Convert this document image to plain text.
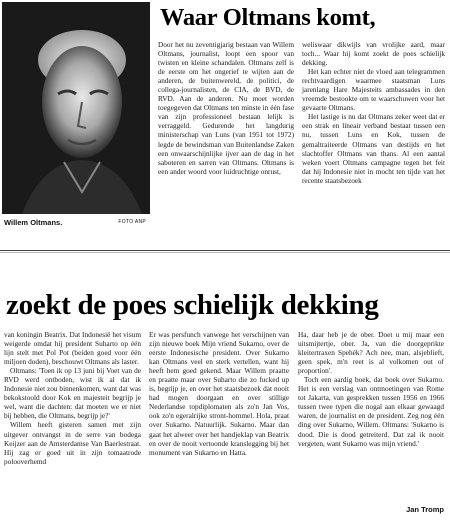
Willem Oltmans.	FOTO ANP
Waar Oltmans komt,

Door het nu zeventigjarig bestaan van Willem Oltmans, journalist, loopt een spoor van twisten en kleine schandalen. Oltmans zelf is de eerste om het ongerief te wijten aan de anderen, de buitenwereld, de politici, de collega-journalisten, de CIA, de BVD, de RVD. Aan de anderen. Nu moet worden toegegeven dat Oltmans ten minste in één fase van zijn professioneel bestaan lelijk is verraggeld. Gedurende het langdurig ministerschap van Luns (van 1951 tot 1972) legde de bewindsman van Buitenlandse Zaken een onwaarschijnlijke ijver aan de dag in het saboteren en sarren van Oltmans. Oltmans is een ander woord voor luidruchtige onrust,

weliswaar dikwijls van vrolijke aard, maar toch... Waar hij komt zoekt de poes schielijk dekking.

Het kan echter niet de vloed aan telegrammen rechtvaardigen waarmee staatsman Luns jarenlang Hare Majesteits ambassades in den vreemde bestookte om te waarschuwen voor het gevaarte Oltmans.

Het lastige is nu dat Oltmans zeker weet dat er een strak en lineair verband bestaat tussen een nu, tussen Luns en Kok, tussen de gemaltraiteerde Oltmans van destijds en het slachtoffer Oltmans van thans. Al een aantal weken voert Oltmans campagne tegen het feit dat hij Indonesie niet in mocht ten tijde van het recente staatsbezoek

zoekt de poes schielijk dekking

van koningin Beatrix. Dat Indonesië het visum weigerde omdat hij president Suharto op één lijn stelt met Pol Pot (beiden goed voor één miljoen doden), beschouwt Oltmans als laster.

Oltmans: 'Toen ik op 13 juni bij Voet van de RVD werd ontboden, wist ik al dat ik Indonesie niet zou binnenkomen, want dat was bekokstoold door Kok en majesteit begrijp je wel, want die dachten: dat moeten we er niet bij hebben, die Oltmans, begrijp je?'

Willem heeft gisteren samen met zijn uitgever ontvangst in de serre van bodega Keijzer aan de Amsterdamse Van Baerlestraat. Hij zag er goed uit in zijn tomaatrode polooverhemd

Er was persfunch vanwege het verschijnen van zijn nieuwe boek Mijn vriend Sukarno, over de eerste Indonesische president. Over Sukarno kan Oltmans veel en sterk vertellen, want hij heeft hem goed gekend. Maar Willem praatte en praatte maar over Suharto die zo fucked up is, begrijp je, en over het staatsbezoek dat nooit had mogen doorgaan en over stillige Nederlandse topdiplomaten als zo'n Jan Vos, ook zo'n egeralrijke stront-hommel. Hola, praat over Sukarno. Natuurlijk. Sukarno. Maar dan gaat het alweer over het handjeklap van Beatrix en over de nooit vertoonde kranslegging bij het monument van Sukarno en Hatta.

Ha, daar heb je de ober. Doet u mij maar een uitsmijtertje, ober. Ja, van die doorgeprikte kleitertraxen Spehék? Ach nee, man, alsjeblieft, geen spek, m'n reet is al volkomen out of proportion'.

Toch een aardig boek, dat boek over Sukarno. Het is een verslag van ontmoetingen van Rome tot Jakarta, van gesprekken tussen 1956 en 1966 tussen twee typen die nogal aan elkaar gewaagd waren, de journalist en de president. Zeg nog één ding over Sukarno, Willem. Oltmans: 'Sukarno is dood. Die is dood getreiterd. Dat zal ik nooit vergeten, want Sukarno was mijn vriend.'

Jan Tromp
